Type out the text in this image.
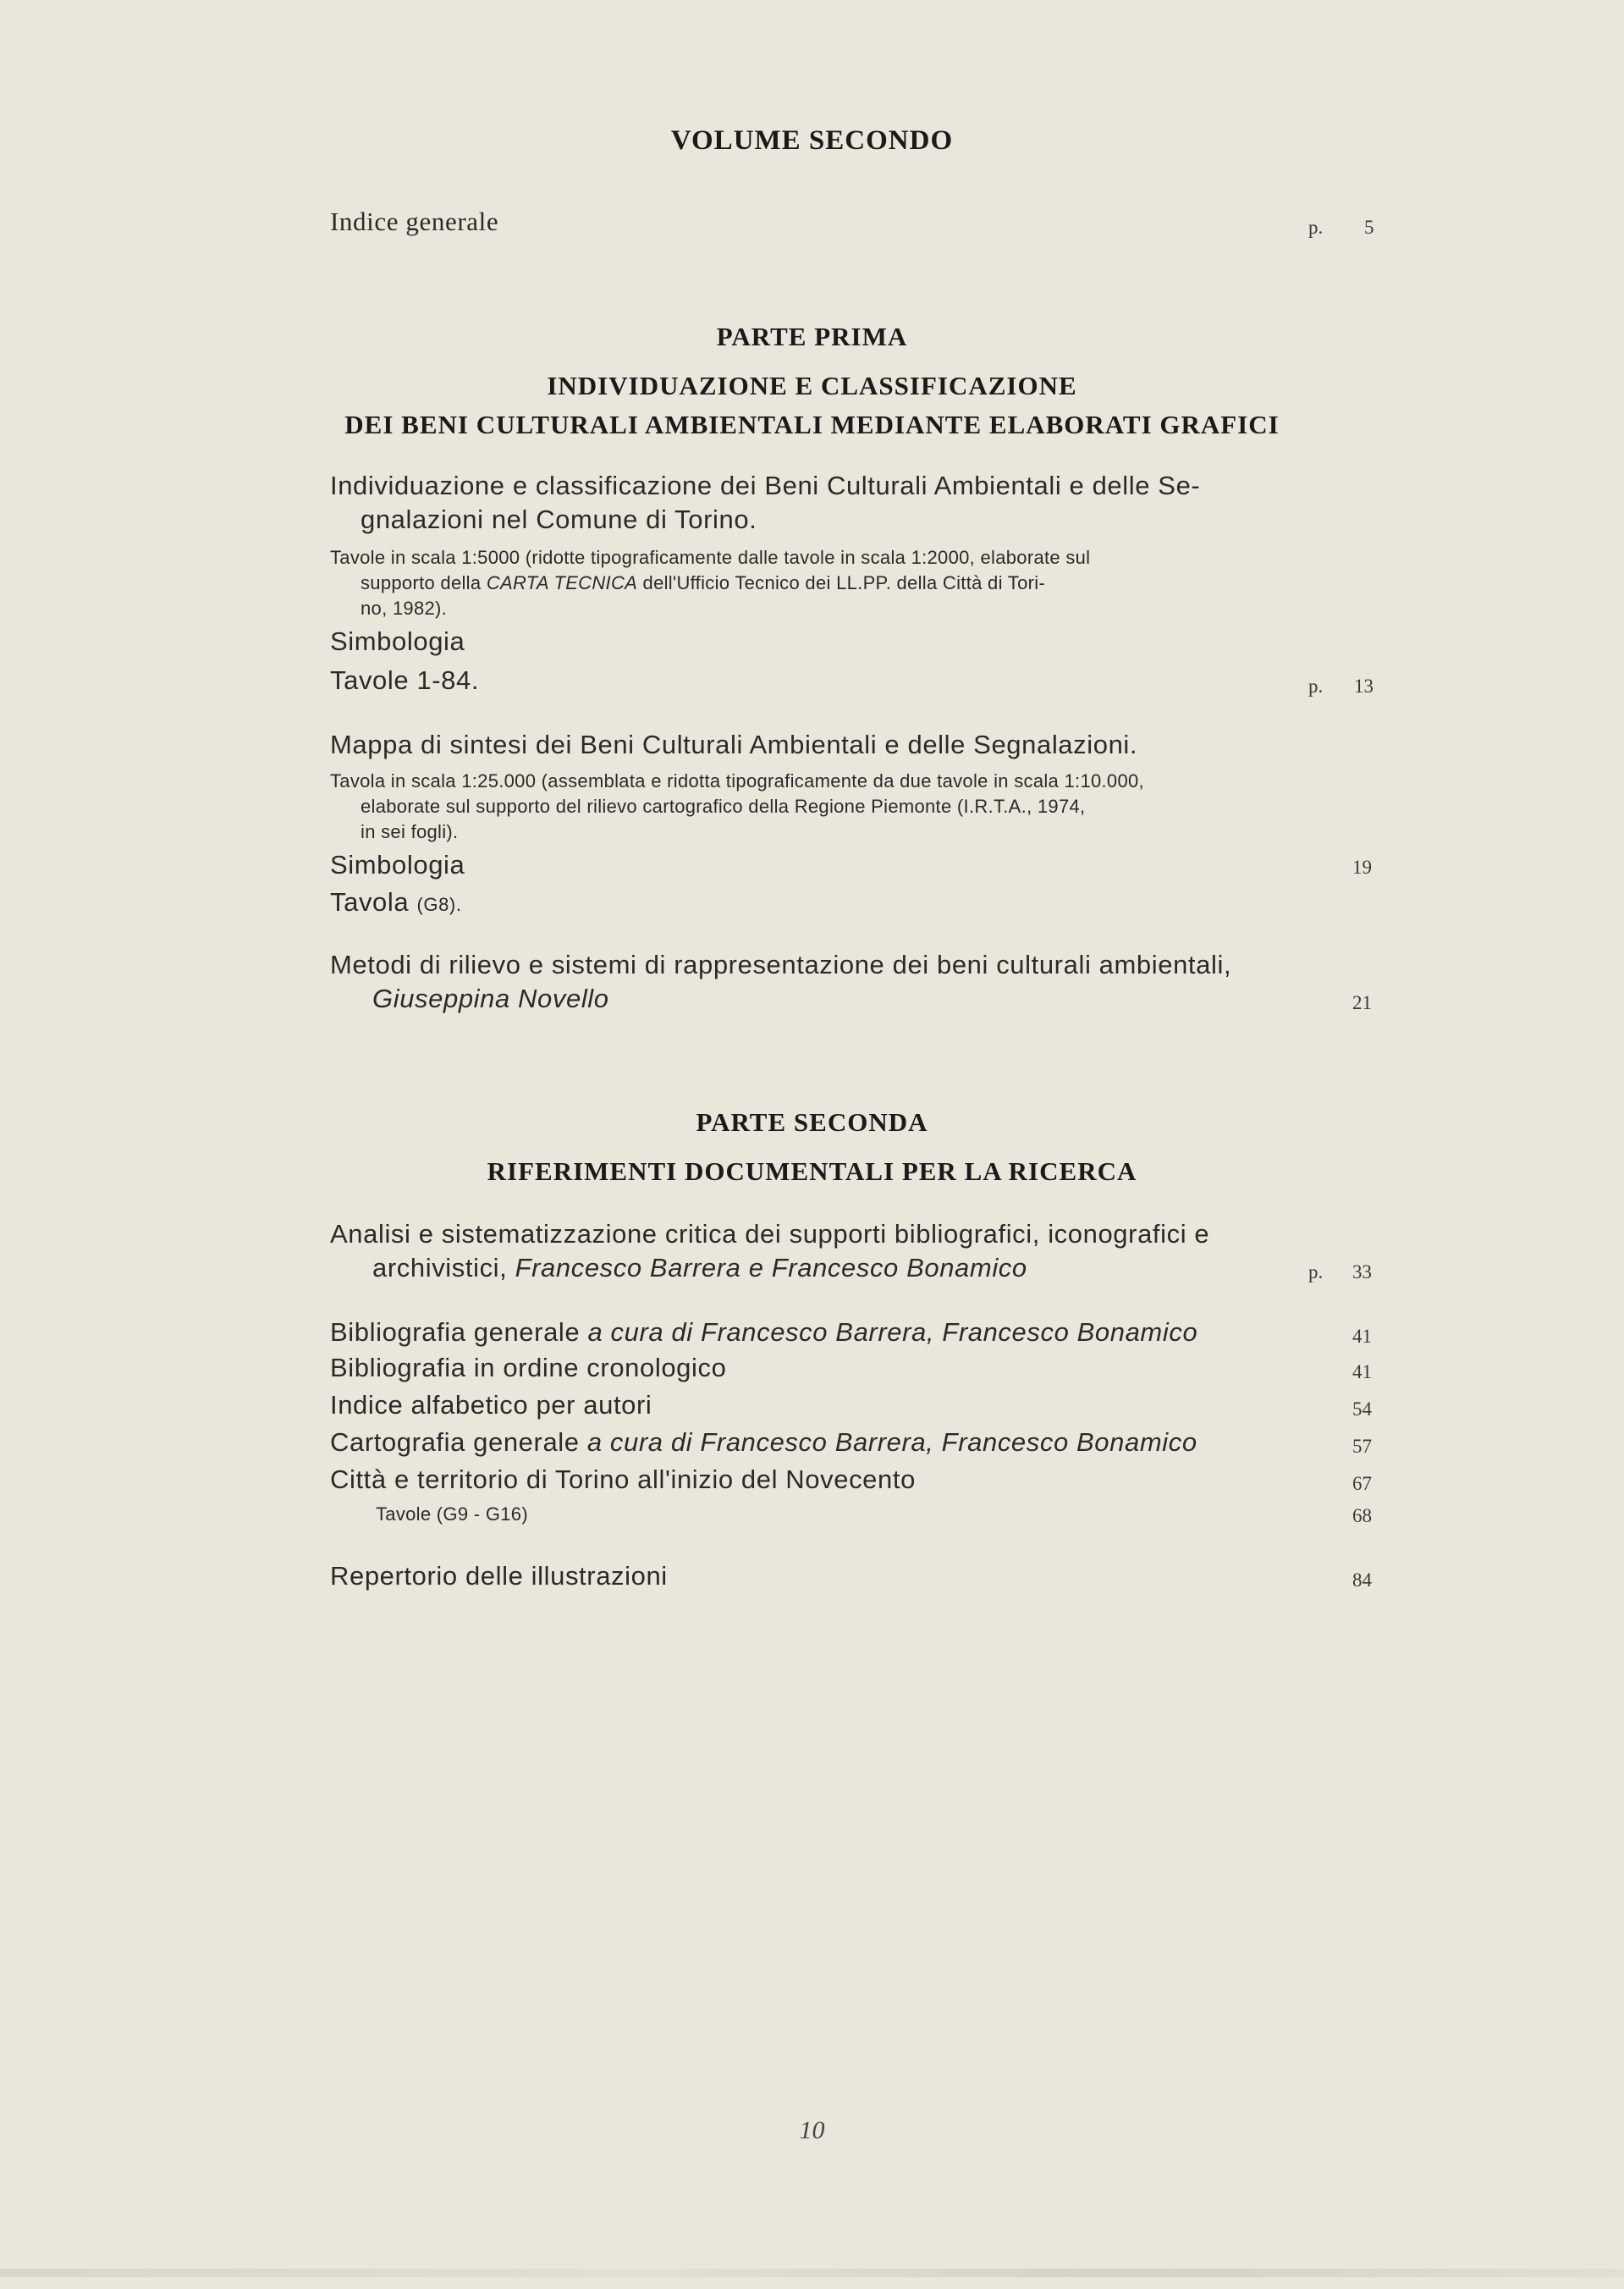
VOLUME SECONDO
Indice generale	p. 5
PARTE PRIMA
INDIVIDUAZIONE E CLASSIFICAZIONE
DEI BENI CULTURALI AMBIENTALI MEDIANTE ELABORATI GRAFICI
Individuazione e classificazione dei Beni Culturali Ambientali e delle Se-
gnalazioni nel Comune di Torino.
Tavole in scala 1:5000 (ridotte tipograficamente dalle tavole in scala 1:2000, elaborate sul
supporto della CARTA TECNICA dell'Ufficio Tecnico dei LL.PP. della Città di Tori-
no, 1982).
Simbologia
Tavole 1-84.	p. 13
Mappa di sintesi dei Beni Culturali Ambientali e delle Segnalazioni.
Tavola in scala 1:25.000 (assemblata e ridotta tipograficamente da due tavole in scala 1:10.000,
elaborate sul supporto del rilievo cartografico della Regione Piemonte (I.R.T.A., 1974,
in sei fogli).
Simbologia	19
Tavola (G8).
Metodi di rilievo e sistemi di rappresentazione dei beni culturali ambientali,
Giuseppina Novello	21
PARTE SECONDA
RIFERIMENTI DOCUMENTALI PER LA RICERCA
Analisi e sistematizzazione critica dei supporti bibliografici, iconografici e
archivistici, Francesco Barrera e Francesco Bonamico	p. 33
Bibliografia generale a cura di Francesco Barrera, Francesco Bonamico	41
Bibliografia in ordine cronologico	41
Indice alfabetico per autori	54
Cartografia generale a cura di Francesco Barrera, Francesco Bonamico	57
Città e territorio di Torino all'inizio del Novecento	67
Tavole (G9 - G16)	68
Repertorio delle illustrazioni	84
10
